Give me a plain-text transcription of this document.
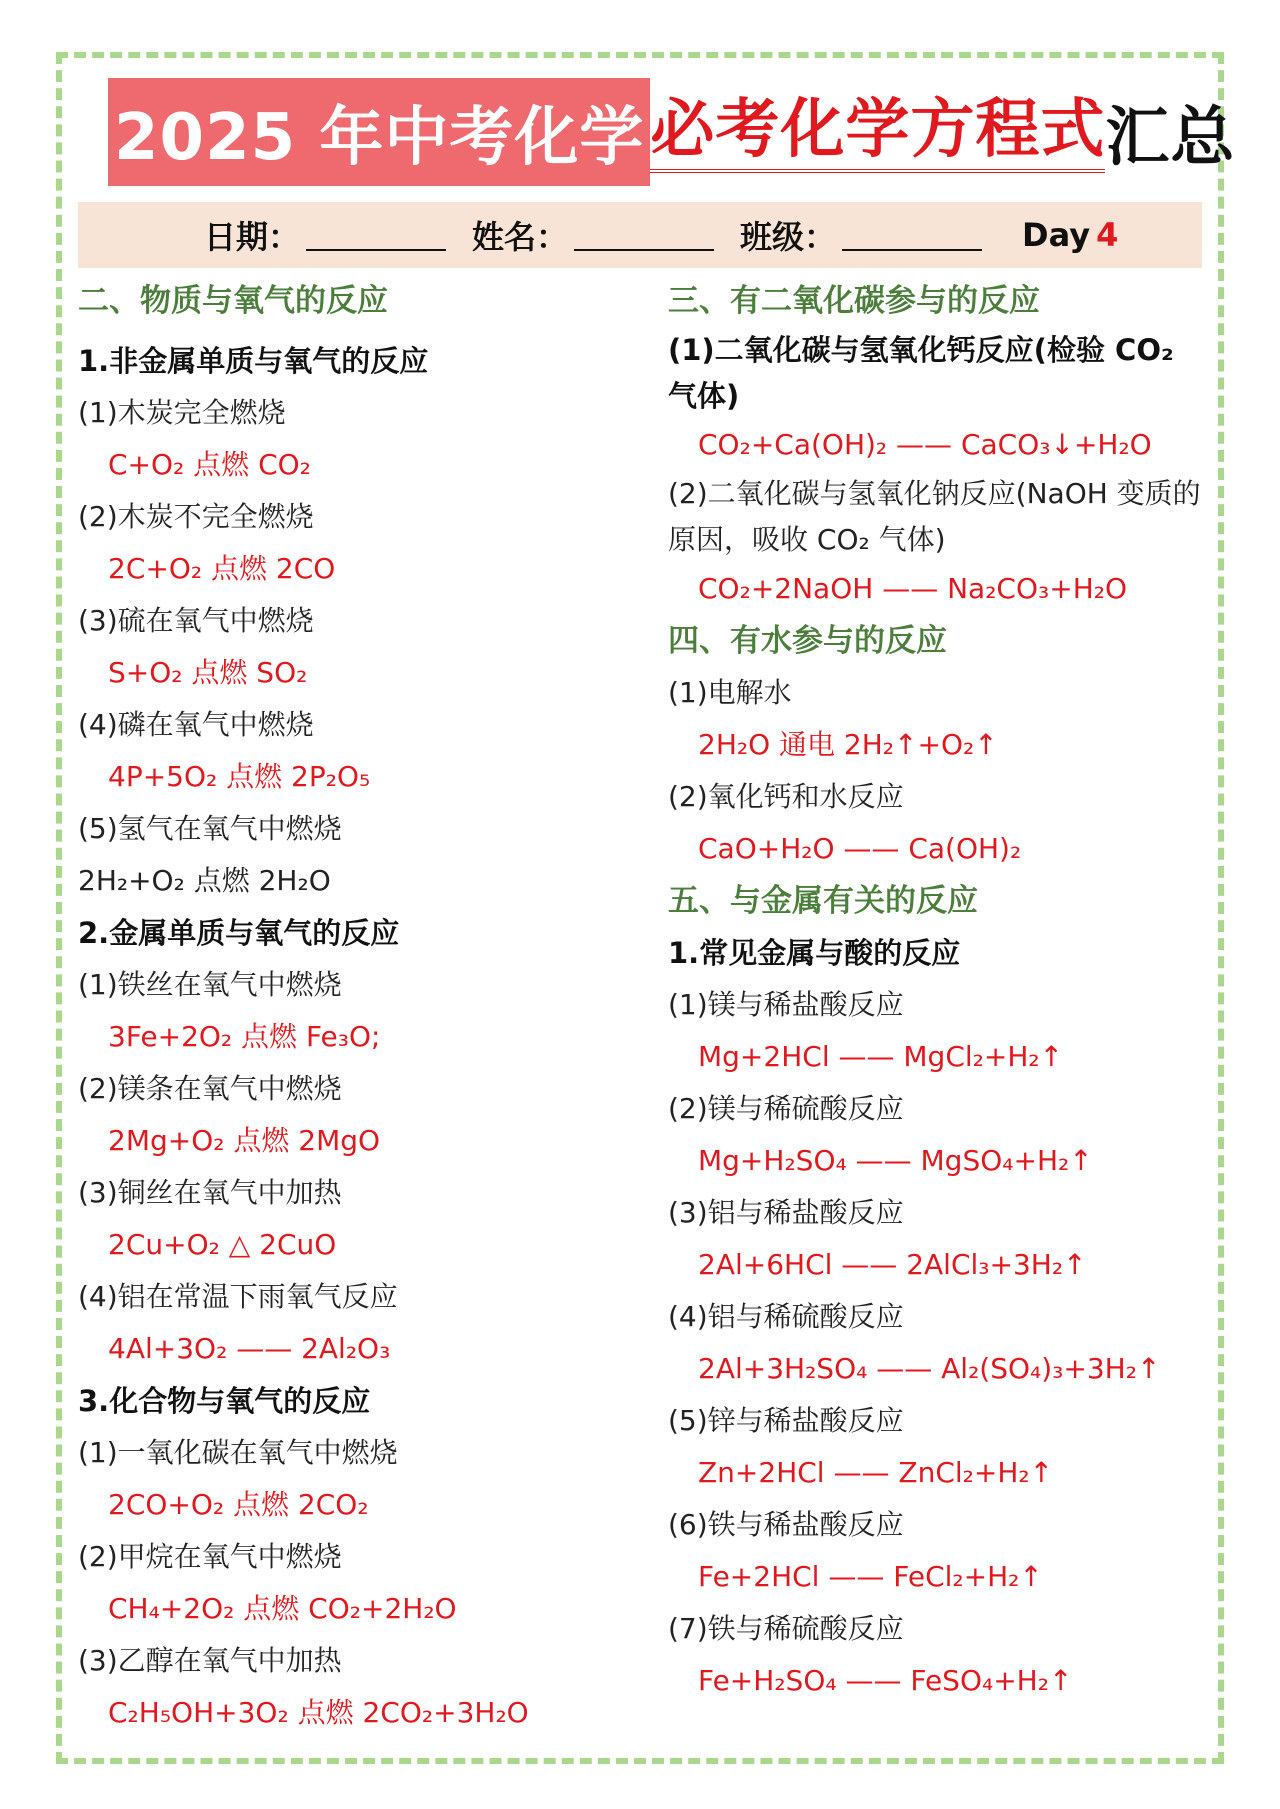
2025 年中考化学 必考化学方程式 汇总
日期：	姓名：	班级：	Day 4
二、物质与氧气的反应
1.非金属单质与氧气的反应
(1)木炭完全燃烧
C+O₂ 点燃 CO₂
(2)木炭不完全燃烧
2C+O₂ 点燃 2CO
(3)硫在氧气中燃烧
S+O₂ 点燃 SO₂
(4)磷在氧气中燃烧
4P+5O₂ 点燃 2P₂O₅
(5)氢气在氧气中燃烧
2H₂+O₂ 点燃 2H₂O
2.金属单质与氧气的反应
(1)铁丝在氧气中燃烧
3Fe+2O₂ 点燃 Fe₃O;
(2)镁条在氧气中燃烧
2Mg+O₂ 点燃 2MgO
(3)铜丝在氧气中加热
2Cu+O₂ △ 2CuO
(4)铝在常温下雨氧气反应
4Al+3O₂ —— 2Al₂O₃
3.化合物与氧气的反应
(1)一氧化碳在氧气中燃烧
2CO+O₂ 点燃 2CO₂
(2)甲烷在氧气中燃烧
CH₄+2O₂ 点燃 CO₂+2H₂O
(3)乙醇在氧气中加热
C₂H₅OH+3O₂ 点燃 2CO₂+3H₂O
三、有二氧化碳参与的反应
(1)二氧化碳与氢氧化钙反应(检验 CO₂ 气体)
CO₂+Ca(OH)₂ —— CaCO₃↓+H₂O
(2)二氧化碳与氢氧化钠反应(NaOH 变质的原因，吸收 CO₂ 气体)
CO₂+2NaOH —— Na₂CO₃+H₂O
四、有水参与的反应
(1)电解水
2H₂O 通电 2H₂↑+O₂↑
(2)氧化钙和水反应
CaO+H₂O —— Ca(OH)₂
五、与金属有关的反应
1.常见金属与酸的反应
(1)镁与稀盐酸反应
Mg+2HCl —— MgCl₂+H₂↑
(2)镁与稀硫酸反应
Mg+H₂SO₄ —— MgSO₄+H₂↑
(3)铝与稀盐酸反应
2Al+6HCl —— 2AlCl₃+3H₂↑
(4)铝与稀硫酸反应
2Al+3H₂SO₄ —— Al₂(SO₄)₃+3H₂↑
(5)锌与稀盐酸反应
Zn+2HCl —— ZnCl₂+H₂↑
(6)铁与稀盐酸反应
Fe+2HCl —— FeCl₂+H₂↑
(7)铁与稀硫酸反应
Fe+H₂SO₄ —— FeSO₄+H₂↑
